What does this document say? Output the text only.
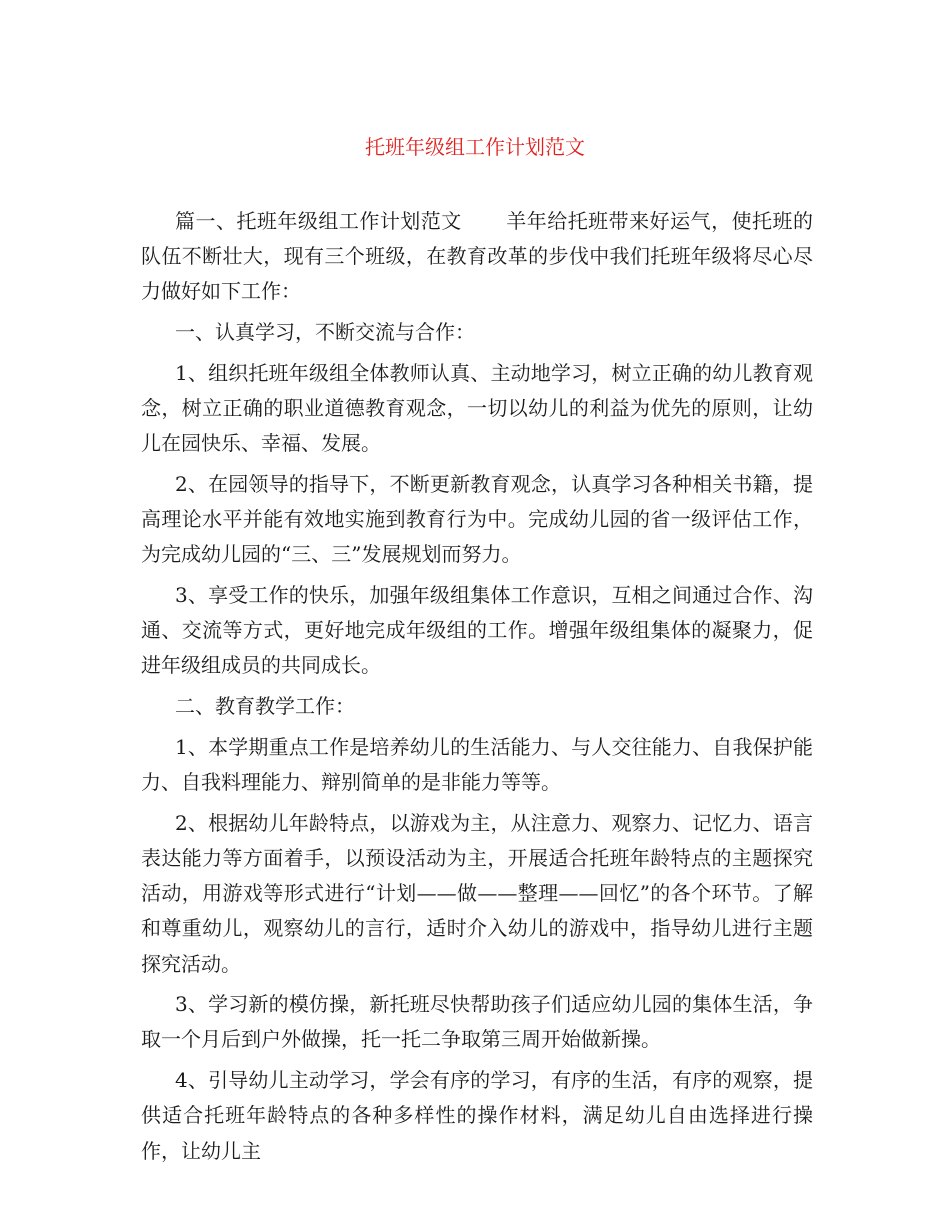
托班年级组工作计划范文

篇一、托班年级组工作计划范文 羊年给托班带来好运气，使托班的队伍不断壮大，现有三个班级，在教育改革的步伐中我们托班年级将尽心尽力做好如下工作：

一、认真学习，不断交流与合作：

1、组织托班年级组全体教师认真、主动地学习，树立正确的幼儿教育观念，树立正确的职业道德教育观念，一切以幼儿的利益为优先的原则，让幼儿在园快乐、幸福、发展。

2、在园领导的指导下，不断更新教育观念，认真学习各种相关书籍，提高理论水平并能有效地实施到教育行为中。完成幼儿园的省一级评估工作，为完成幼儿园的“三、三”发展规划而努力。

3、享受工作的快乐，加强年级组集体工作意识，互相之间通过合作、沟通、交流等方式，更好地完成年级组的工作。增强年级组集体的凝聚力，促进年级组成员的共同成长。

二、教育教学工作：

1、本学期重点工作是培养幼儿的生活能力、与人交往能力、自我保护能力、自我料理能力、辩别简单的是非能力等等。

2、根据幼儿年龄特点，以游戏为主，从注意力、观察力、记忆力、语言表达能力等方面着手，以预设活动为主，开展适合托班年龄特点的主题探究活动，用游戏等形式进行“计划——做——整理——回忆”的各个环节。了解和尊重幼儿，观察幼儿的言行，适时介入幼儿的游戏中，指导幼儿进行主题探究活动。

3、学习新的模仿操，新托班尽快帮助孩子们适应幼儿园的集体生活，争取一个月后到户外做操，托一托二争取第三周开始做新操。

4、引导幼儿主动学习，学会有序的学习，有序的生活，有序的观察，提供适合托班年龄特点的各种多样性的操作材料，满足幼儿自由选择进行操作，让幼儿主
